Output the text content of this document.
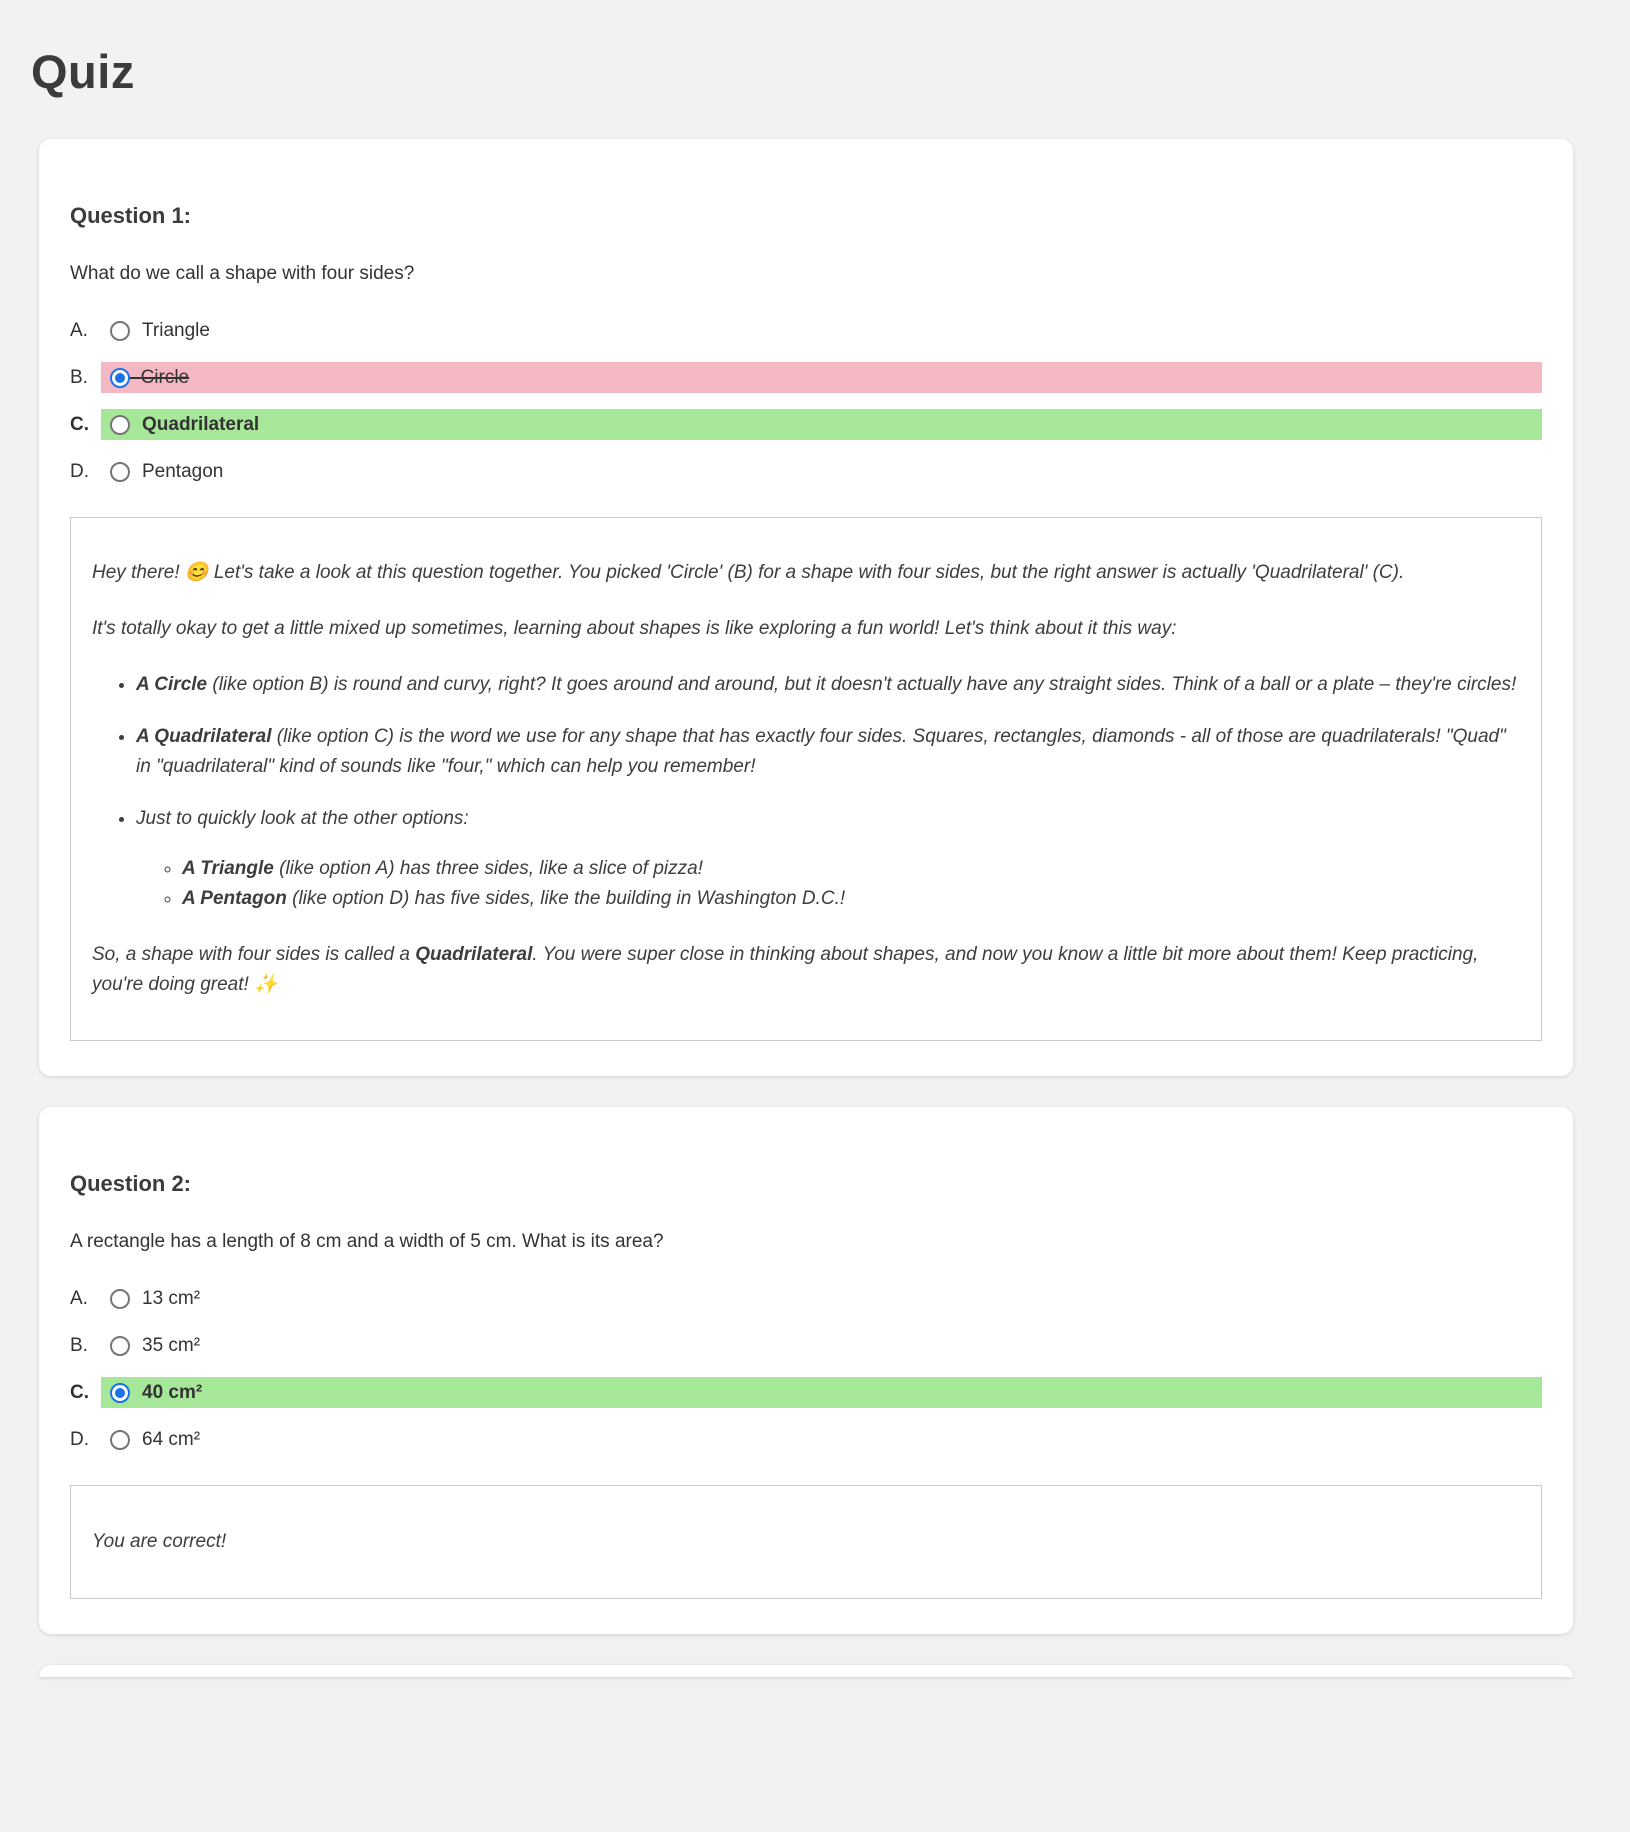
Quiz
Question 1:
What do we call a shape with four sides?
A.	Triangle
B.	Circle
C.	Quadrilateral
D.	Pentagon

Hey there! 😊 Let's take a look at this question together. You picked 'Circle' (B) for a shape with four sides, but the right answer is actually 'Quadrilateral' (C).

It's totally okay to get a little mixed up sometimes, learning about shapes is like exploring a fun world! Let's think about it this way:

• A Circle (like option B) is round and curvy, right? It goes around and around, but it doesn't actually have any straight sides. Think of a ball or a plate – they're circles!
• A Quadrilateral (like option C) is the word we use for any shape that has exactly four sides. Squares, rectangles, diamonds - all of those are quadrilaterals! "Quad" in "quadrilateral" kind of sounds like "four," which can help you remember!
• Just to quickly look at the other options:
◦ A Triangle (like option A) has three sides, like a slice of pizza!
◦ A Pentagon (like option D) has five sides, like the building in Washington D.C.!

So, a shape with four sides is called a Quadrilateral. You were super close in thinking about shapes, and now you know a little bit more about them! Keep practicing, you're doing great! ✨

Question 2:
A rectangle has a length of 8 cm and a width of 5 cm. What is its area?
A.	13 cm²
B.	35 cm²
C.	40 cm²
D.	64 cm²

You are correct!
